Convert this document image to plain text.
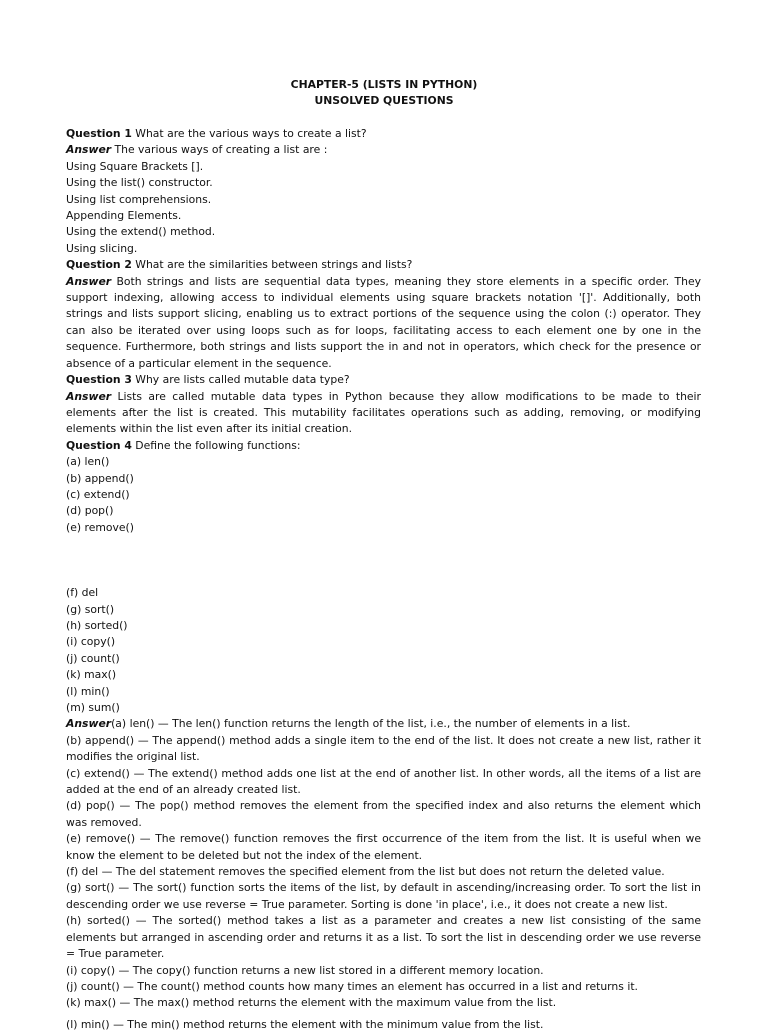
CHAPTER-5 (LISTS IN PYTHON)
UNSOLVED QUESTIONS

Question 1 What are the various ways to create a list?

Answer The various ways of creating a list are :

Using Square Brackets [].

Using the list() constructor.

Using list comprehensions.

Appending Elements.

Using the extend() method.

Using slicing.

Question 2 What are the similarities between strings and lists?

Answer Both strings and lists are sequential data types, meaning they store elements in a specific order. They support indexing, allowing access to individual elements using square brackets notation '[]'. Additionally, both strings and lists support slicing, enabling us to extract portions of the sequence using the colon (:) operator. They can also be iterated over using loops such as for loops, facilitating access to each element one by one in the sequence. Furthermore, both strings and lists support the in and not in operators, which check for the presence or absence of a particular element in the sequence.

Question 3 Why are lists called mutable data type?

Answer Lists are called mutable data types in Python because they allow modifications to be made to their elements after the list is created. This mutability facilitates operations such as adding, removing, or modifying elements within the list even after its initial creation.

Question 4 Define the following functions:

(a) len()

(b) append()

(c) extend()

(d) pop()

(e) remove()

(f) del

(g) sort()

(h) sorted()

(i) copy()

(j) count()

(k) max()

(l) min()

(m) sum()

Answer(a) len() — The len() function returns the length of the list, i.e., the number of elements in a list.

(b) append() — The append() method adds a single item to the end of the list. It does not create a new list, rather it modifies the original list.

(c) extend() — The extend() method adds one list at the end of another list. In other words, all the items of a list are added at the end of an already created list.

(d) pop() — The pop() method removes the element from the specified index and also returns the element which was removed.

(e) remove() — The remove() function removes the first occurrence of the item from the list. It is useful when we know the element to be deleted but not the index of the element.

(f) del — The del statement removes the specified element from the list but does not return the deleted value.

(g) sort() — The sort() function sorts the items of the list, by default in ascending/increasing order. To sort the list in descending order we use reverse = True parameter. Sorting is done 'in place', i.e., it does not create a new list.

(h) sorted() — The sorted() method takes a list as a parameter and creates a new list consisting of the same elements but arranged in ascending order and returns it as a list. To sort the list in descending order we use reverse = True parameter.

(i) copy() — The copy() function returns a new list stored in a different memory location.

(j) count() — The count() method counts how many times an element has occurred in a list and returns it.

(k) max() — The max() method returns the element with the maximum value from the list.

(l) min() — The min() method returns the element with the minimum value from the list.
